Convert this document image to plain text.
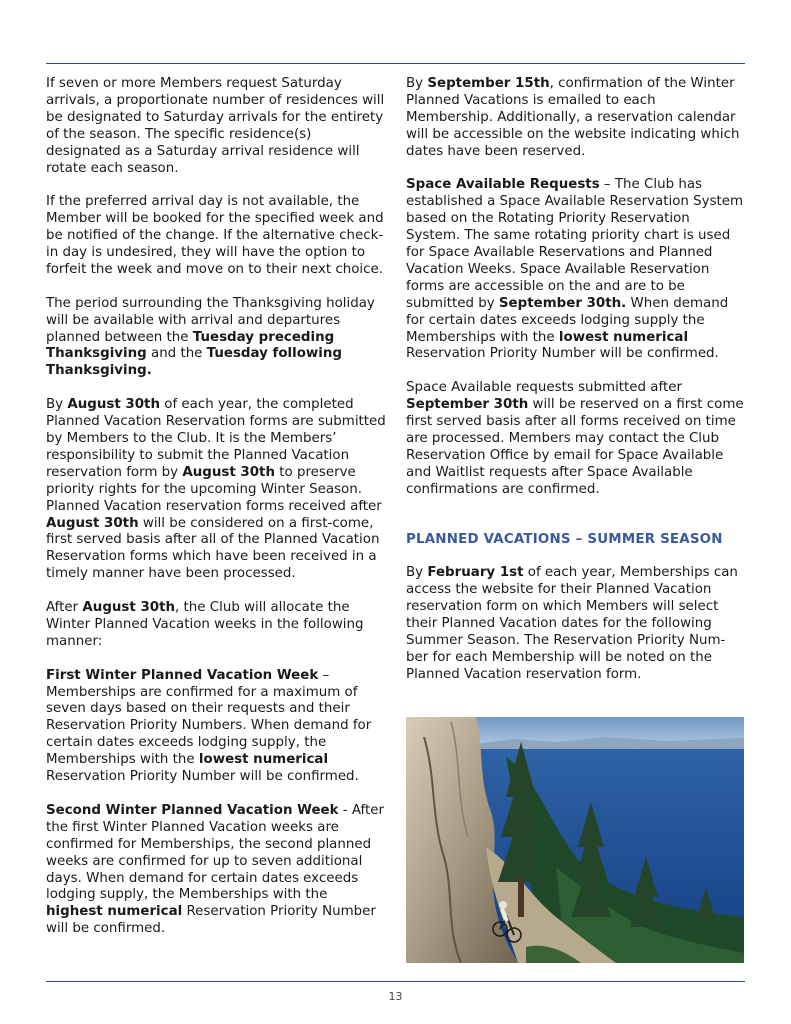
If seven or more Members request Saturday arrivals, a proportionate number of residences will be designated to Saturday arrivals for the entirety of the season. The specific residence(s) designated as a Saturday arrival residence will rotate each season.

If the preferred arrival day is not available, the Member will be booked for the specified week and be notified of the change. If the alternative check- in day is undesired, they will have the option to forfeit the week and move on to their next choice.

The period surrounding the Thanksgiving holiday will be available with arrival and departures planned between the Tuesday preceding Thanksgiving and the Tuesday following Thanksgiving.

By August 30th of each year, the completed Planned Vacation Reservation forms are submitted by Members to the Club. It is the Members’ responsibility to submit the Planned Vacation reservation form by August 30th to preserve priority rights for the upcoming Winter Season. Planned Vacation reservation forms received after August 30th will be considered on a first-come, first served basis after all of the Planned Vacation Reservation forms which have been received in a timely manner have been processed.

After August 30th, the Club will allocate the Winter Planned Vacation weeks in the following manner:

First Winter Planned Vacation Week – Memberships are confirmed for a maximum of seven days based on their requests and their Reservation Priority Numbers. When demand for certain dates exceeds lodging supply, the Memberships with the lowest numerical Reservation Priority Number will be confirmed.

Second Winter Planned Vacation Week - After the first Winter Planned Vacation weeks are confirmed for Memberships, the second planned weeks are confirmed for up to seven additional days. When demand for certain dates exceeds lodging supply, the Memberships with the highest numerical Reservation Priority Number will be confirmed.

By September 15th, confirmation of the Winter Planned Vacations is emailed to each Membership. Additionally, a reservation calendar will be accessible on the website indicating which dates have been reserved.

Space Available Requests – The Club has established a Space Available Reservation System based on the Rotating Priority Reservation System. The same rotating priority chart is used for Space Available Reservations and Planned Vacation Weeks. Space Available Reservation forms are accessible on the and are to be submitted by September 30th. When demand for certain dates exceeds lodging supply the Memberships with the lowest numerical Reservation Priority Number will be confirmed.

Space Available requests submitted after September 30th will be reserved on a first come first served basis after all forms received on time are processed. Members may contact the Club Reservation Office by email for Space Available and Waitlist requests after Space Available confirmations are confirmed.

PLANNED VACATIONS – SUMMER SEASON

By February 1st of each year, Memberships can access the website for their Planned Vacation reservation form on which Members will select their Planned Vacation dates for the following Summer Season. The Reservation Priority Num-ber for each Membership will be noted on the Planned Vacation reservation form.

13
